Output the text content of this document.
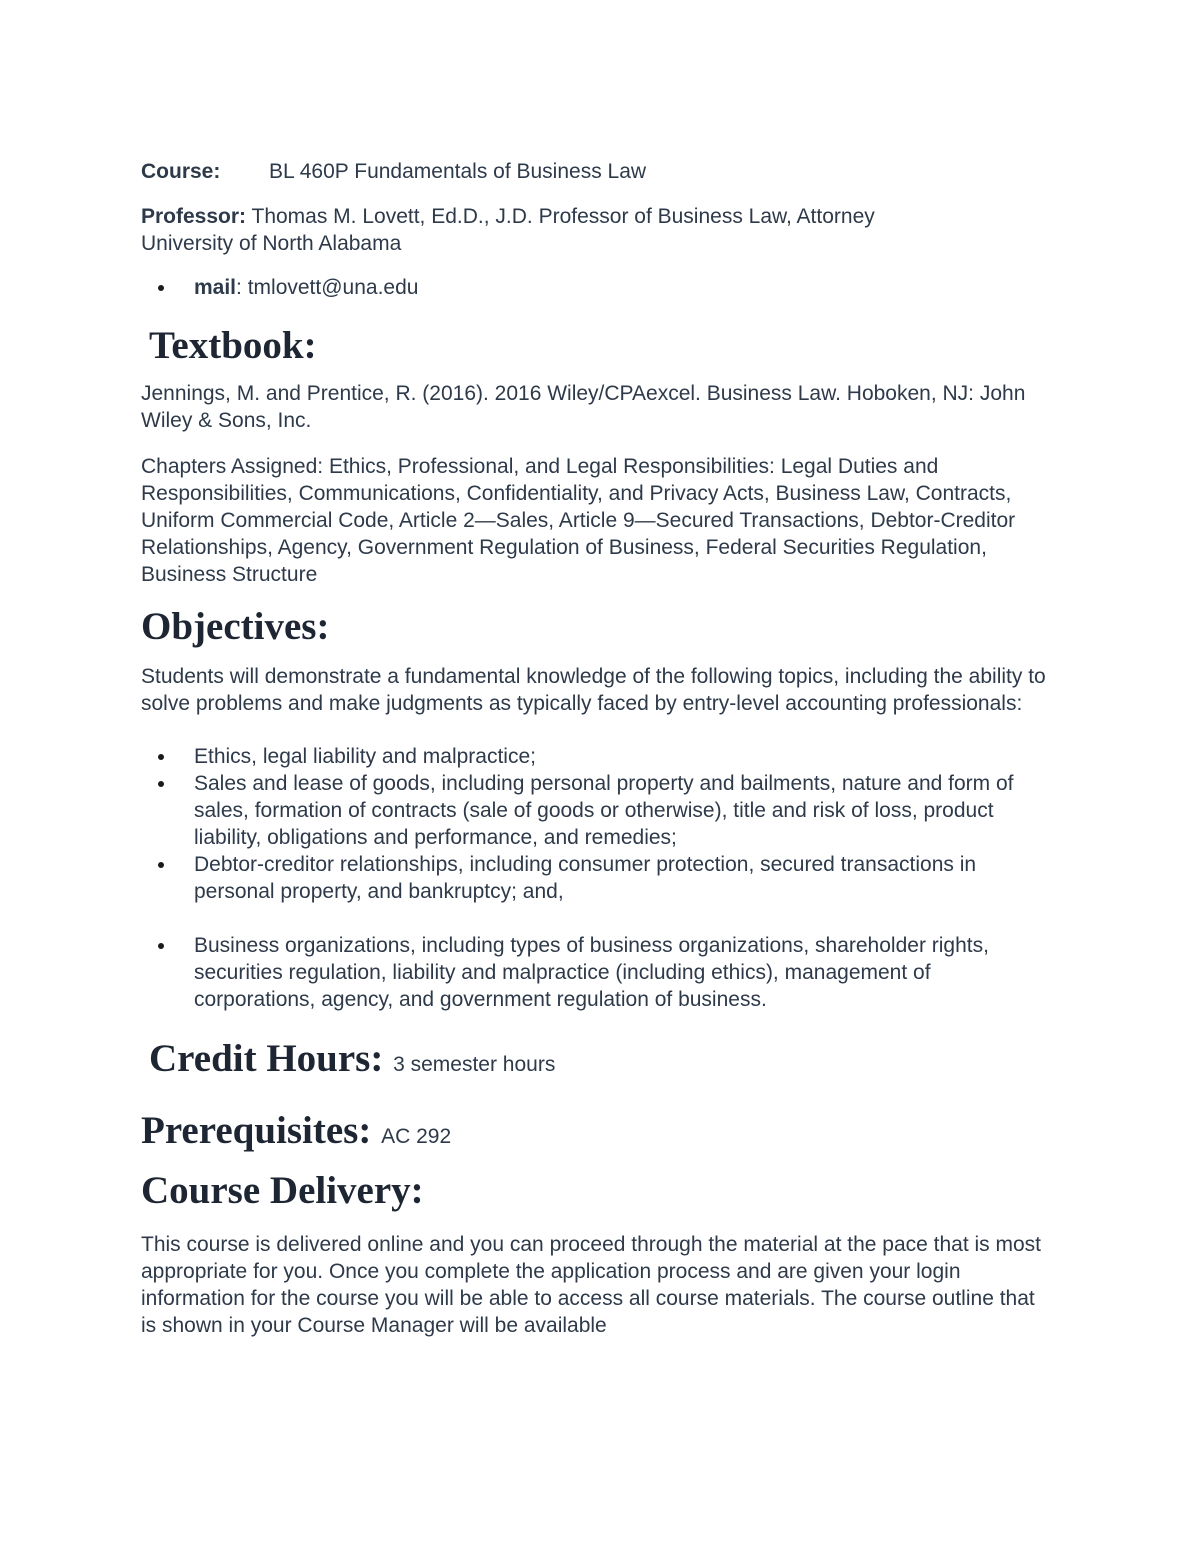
Course:	BL 460P Fundamentals of Business Law

Professor: Thomas M. Lovett, Ed.D., J.D. Professor of Business Law, Attorney

University of North Alabama

mail: tmlovett@una.edu
Textbook:

Jennings, M. and Prentice, R. (2016). 2016 Wiley/CPAexcel. Business Law. Hoboken, NJ: John Wiley & Sons, Inc.

Chapters Assigned: Ethics, Professional, and Legal Responsibilities: Legal Duties and Responsibilities, Communications, Confidentiality, and Privacy Acts, Business Law, Contracts, Uniform Commercial Code, Article 2—Sales, Article 9—Secured Transactions, Debtor-Creditor Relationships, Agency, Government Regulation of Business, Federal Securities Regulation, Business Structure

Objectives:

Students will demonstrate a fundamental knowledge of the following topics, including the ability to solve problems and make judgments as typically faced by entry-level accounting professionals:

Ethics, legal liability and malpractice;
Sales and lease of goods, including personal property and bailments, nature and form of sales, formation of contracts (sale of goods or otherwise), title and risk of loss, product liability, obligations and performance, and remedies;
Debtor-creditor relationships, including consumer protection, secured transactions in personal property, and bankruptcy; and,
Business organizations, including types of business organizations, shareholder rights, securities regulation, liability and malpractice (including ethics), management of corporations, agency, and government regulation of business.
Credit Hours: 3 semester hours
Prerequisites: AC 292
Course Delivery:

This course is delivered online and you can proceed through the material at the pace that is most appropriate for you. Once you complete the application process and are given your login information for the course you will be able to access all course materials. The course outline that is shown in your Course Manager will be available
